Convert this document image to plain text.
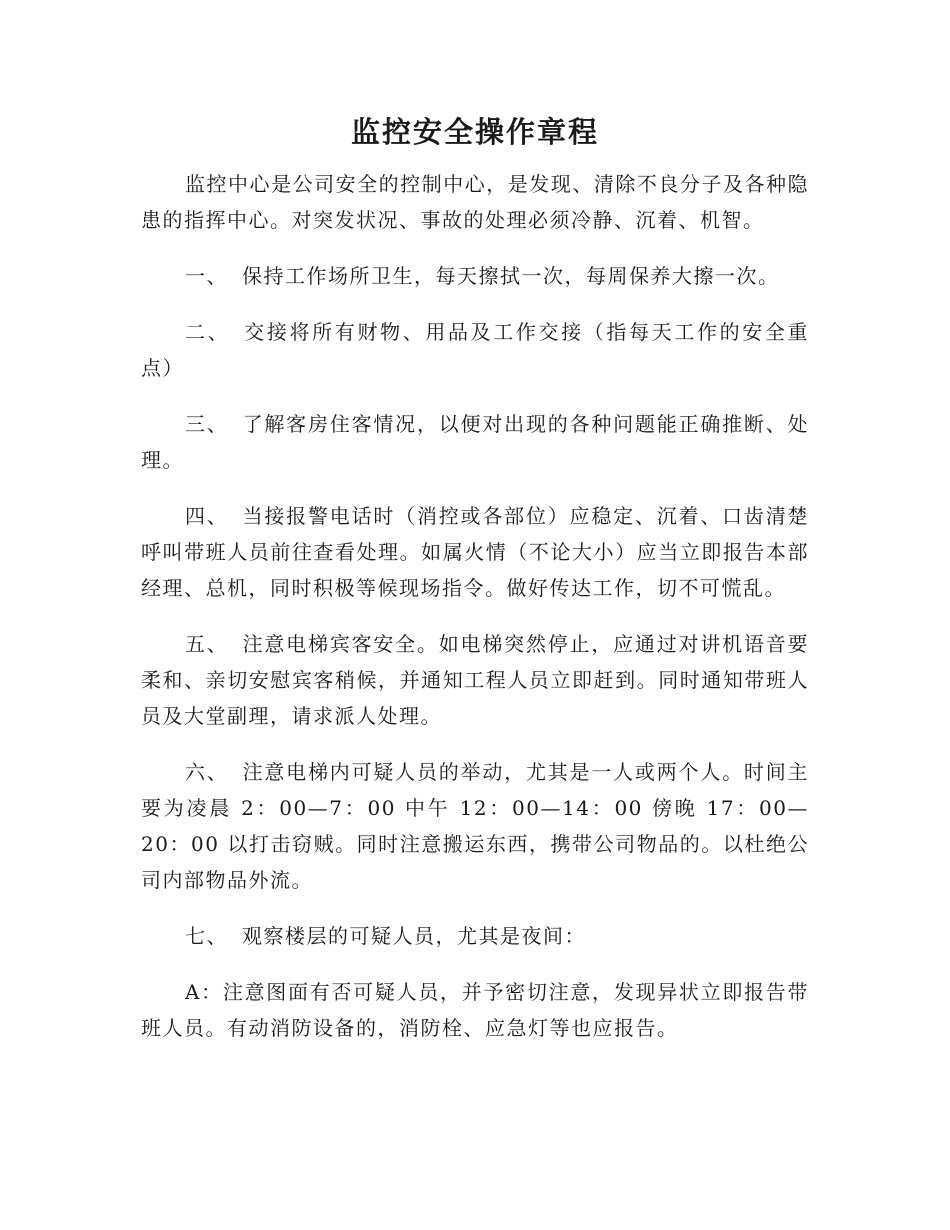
监控安全操作章程

监控中心是公司安全的控制中心，是发现、清除不良分子及各种隐患的指挥中心。对突发状况、事故的处理必须冷静、沉着、机智。

一、 保持工作场所卫生，每天擦拭一次，每周保养大擦一次。

二、 交接将所有财物、用品及工作交接（指每天工作的安全重点）

三、 了解客房住客情况，以便对出现的各种问题能正确推断、处理。

四、 当接报警电话时（消控或各部位）应稳定、沉着、口齿清楚呼叫带班人员前往查看处理。如属火情（不论大小）应当立即报告本部经理、总机，同时积极等候现场指令。做好传达工作，切不可慌乱。

五、 注意电梯宾客安全。如电梯突然停止，应通过对讲机语音要柔和、亲切安慰宾客稍候，并通知工程人员立即赶到。同时通知带班人员及大堂副理，请求派人处理。

六、 注意电梯内可疑人员的举动，尤其是一人或两个人。时间主要为凌晨 2：00—7：00 中午 12：00—14：00 傍晚 17：00—20：00 以打击窃贼。同时注意搬运东西，携带公司物品的。以杜绝公司内部物品外流。

七、 观察楼层的可疑人员，尤其是夜间：

A：注意图面有否可疑人员，并予密切注意，发现异状立即报告带班人员。有动消防设备的，消防栓、应急灯等也应报告。
